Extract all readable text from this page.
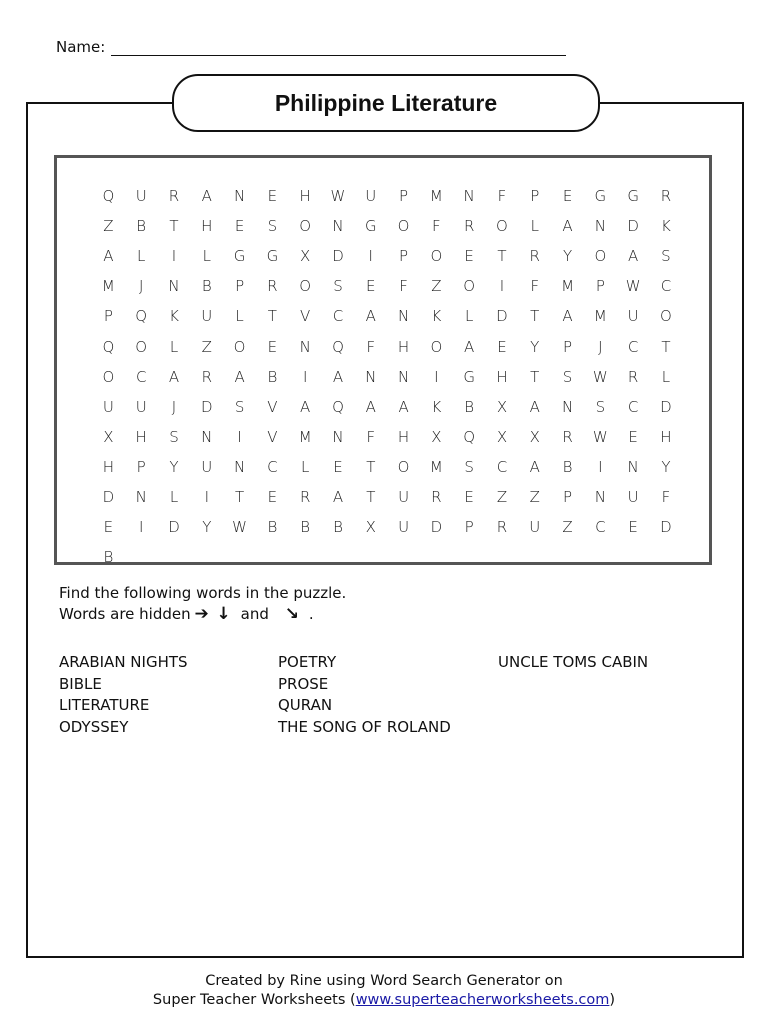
Name:
Philippine Literature
Q	U	R	A	N	E	H	W	U	P	M	N	F	P	E	G	G	R
Z	B	T	H	E	S	O	N	G	O	F	R	O	L	A	N	D	K
A	L	I	L	G	G	X	D	I	P	O	E	T	R	Y	O	A	S
M	J	N	B	P	R	O	S	E	F	Z	O	I	F	M	P	W	C
P	Q	K	U	L	T	V	C	A	N	K	L	D	T	A	M	U	O
Q	O	L	Z	O	E	N	Q	F	H	O	A	E	Y	P	J	C	T
O	C	A	R	A	B	I	A	N	N	I	G	H	T	S	W	R	L
U	U	J	D	S	V	A	Q	A	A	K	B	X	A	N	S	C	D
X	H	S	N	I	V	M	N	F	H	X	Q	X	X	R	W	E	H
H	P	Y	U	N	C	L	E	T	O	M	S	C	A	B	I	N	Y
D	N	L	I	T	E	R	A	T	U	R	E	Z	Z	P	N	U	F
E	I	D	Y	W	B	B	B	X	U	D	P	R	U	Z	C	E	D
B
Find the following words in the puzzle.
Words are hidden ➔ ↓ and ↘ .
ARABIAN NIGHTS
BIBLE
LITERATURE
ODYSSEY
POETRY
PROSE
QURAN
THE SONG OF ROLAND
UNCLE TOMS CABIN
Created by Rine using Word Search Generator on
Super Teacher Worksheets (www.superteacherworksheets.com)
